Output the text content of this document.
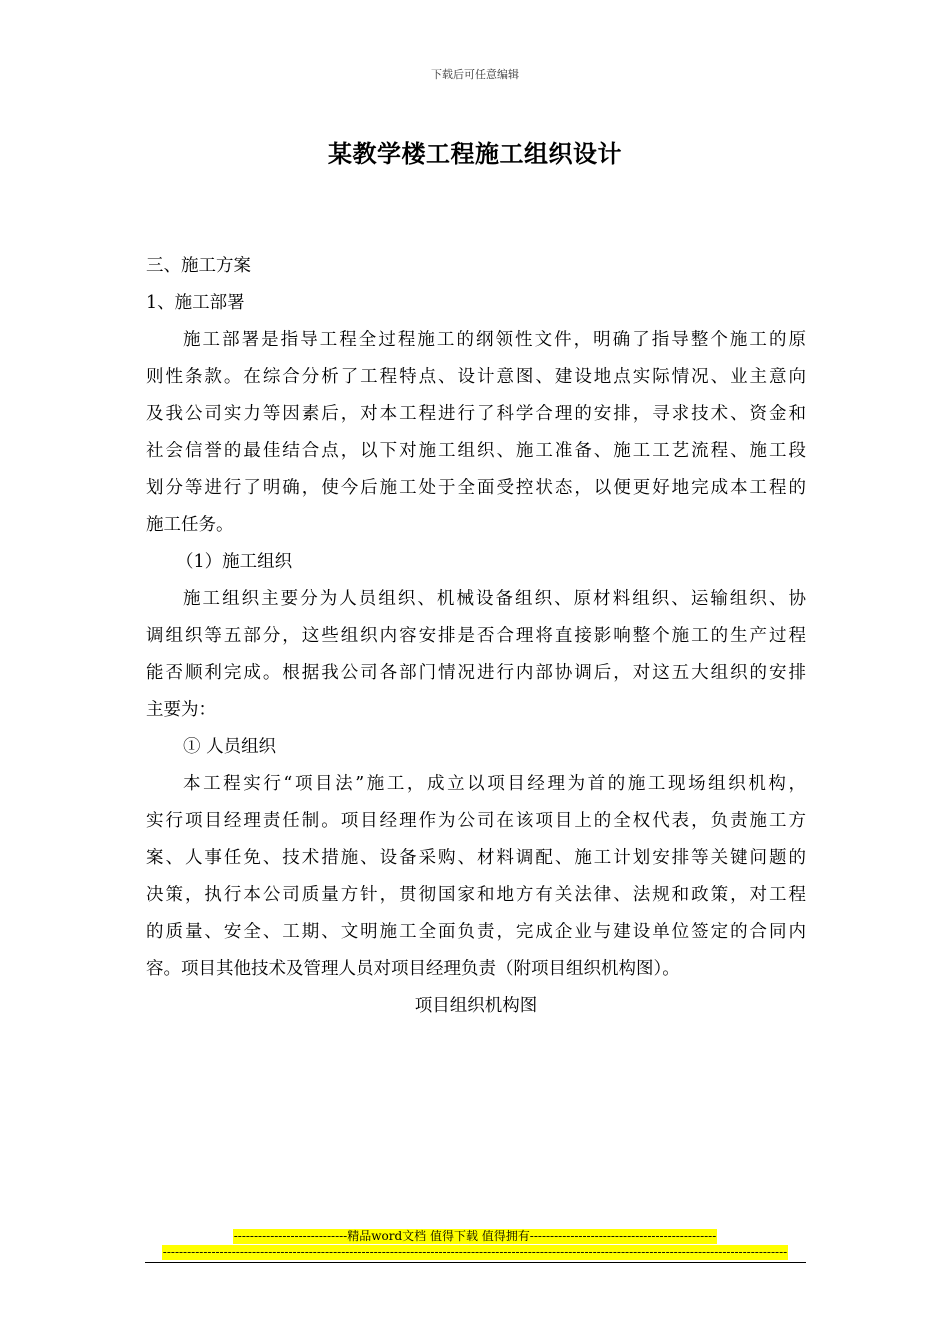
下载后可任意编辑
某教学楼工程施工组织设计
三、施工方案
1、施工部署
施工部署是指导工程全过程施工的纲领性文件，明确了指导整个施工的原
则性条款。在综合分析了工程特点、设计意图、建设地点实际情况、业主意向
及我公司实力等因素后，对本工程进行了科学合理的安排，寻求技术、资金和
社会信誉的最佳结合点，以下对施工组织、施工准备、施工工艺流程、施工段
划分等进行了明确，使今后施工处于全面受控状态，以便更好地完成本工程的
施工任务。
（1）施工组织
施工组织主要分为人员组织、机械设备组织、原材料组织、运输组织、协
调组织等五部分，这些组织内容安排是否合理将直接影响整个施工的生产过程
能否顺利完成。根据我公司各部门情况进行内部协调后，对这五大组织的安排
主要为：
① 人员组织
本工程实行“项目法”施工，成立以项目经理为首的施工现场组织机构，
实行项目经理责任制。项目经理作为公司在该项目上的全权代表，负责施工方
案、人事任免、技术措施、设备采购、材料调配、施工计划安排等关键问题的
决策，执行本公司质量方针，贯彻国家和地方有关法律、法规和政策，对工程
的质量、安全、工期、文明施工全面负责，完成企业与建设单位签定的合同内
容。项目其他技术及管理人员对项目经理负责（附项目组织机构图）。
项目组织机构图
----------------------------精品word文档 值得下载 值得拥有----------------------------------------------
----------------------------------------------------------------------------------------------------------------------------------------------------------
